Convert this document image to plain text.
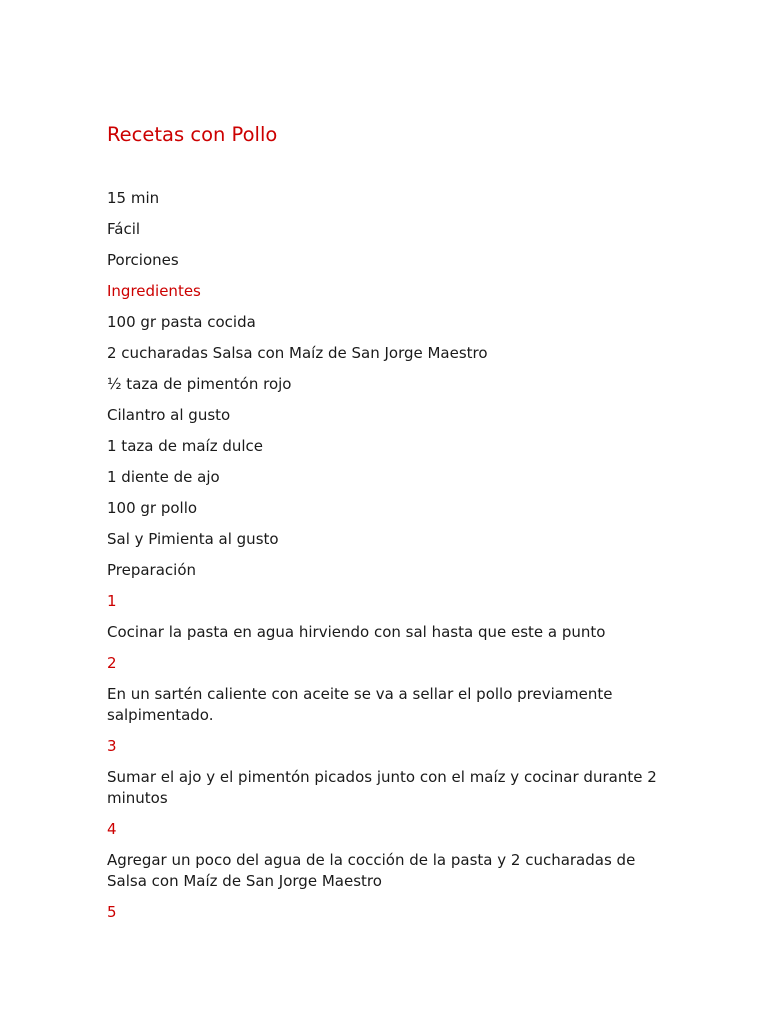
Recetas con Pollo

15 min

Fácil

Porciones

Ingredientes

100 gr pasta cocida

2 cucharadas Salsa con Maíz de San Jorge Maestro

½ taza de pimentón rojo

Cilantro al gusto

1 taza de maíz dulce

1 diente de ajo

100 gr pollo

Sal y Pimienta al gusto

Preparación

1

Cocinar la pasta en agua hirviendo con sal hasta que este a punto

2

En un sartén caliente con aceite se va a sellar el pollo previamente salpimentado.

3

Sumar el ajo y el pimentón picados junto con el maíz y cocinar durante 2 minutos

4

Agregar un poco del agua de la cocción de la pasta y 2 cucharadas de Salsa con Maíz de San Jorge Maestro

5
